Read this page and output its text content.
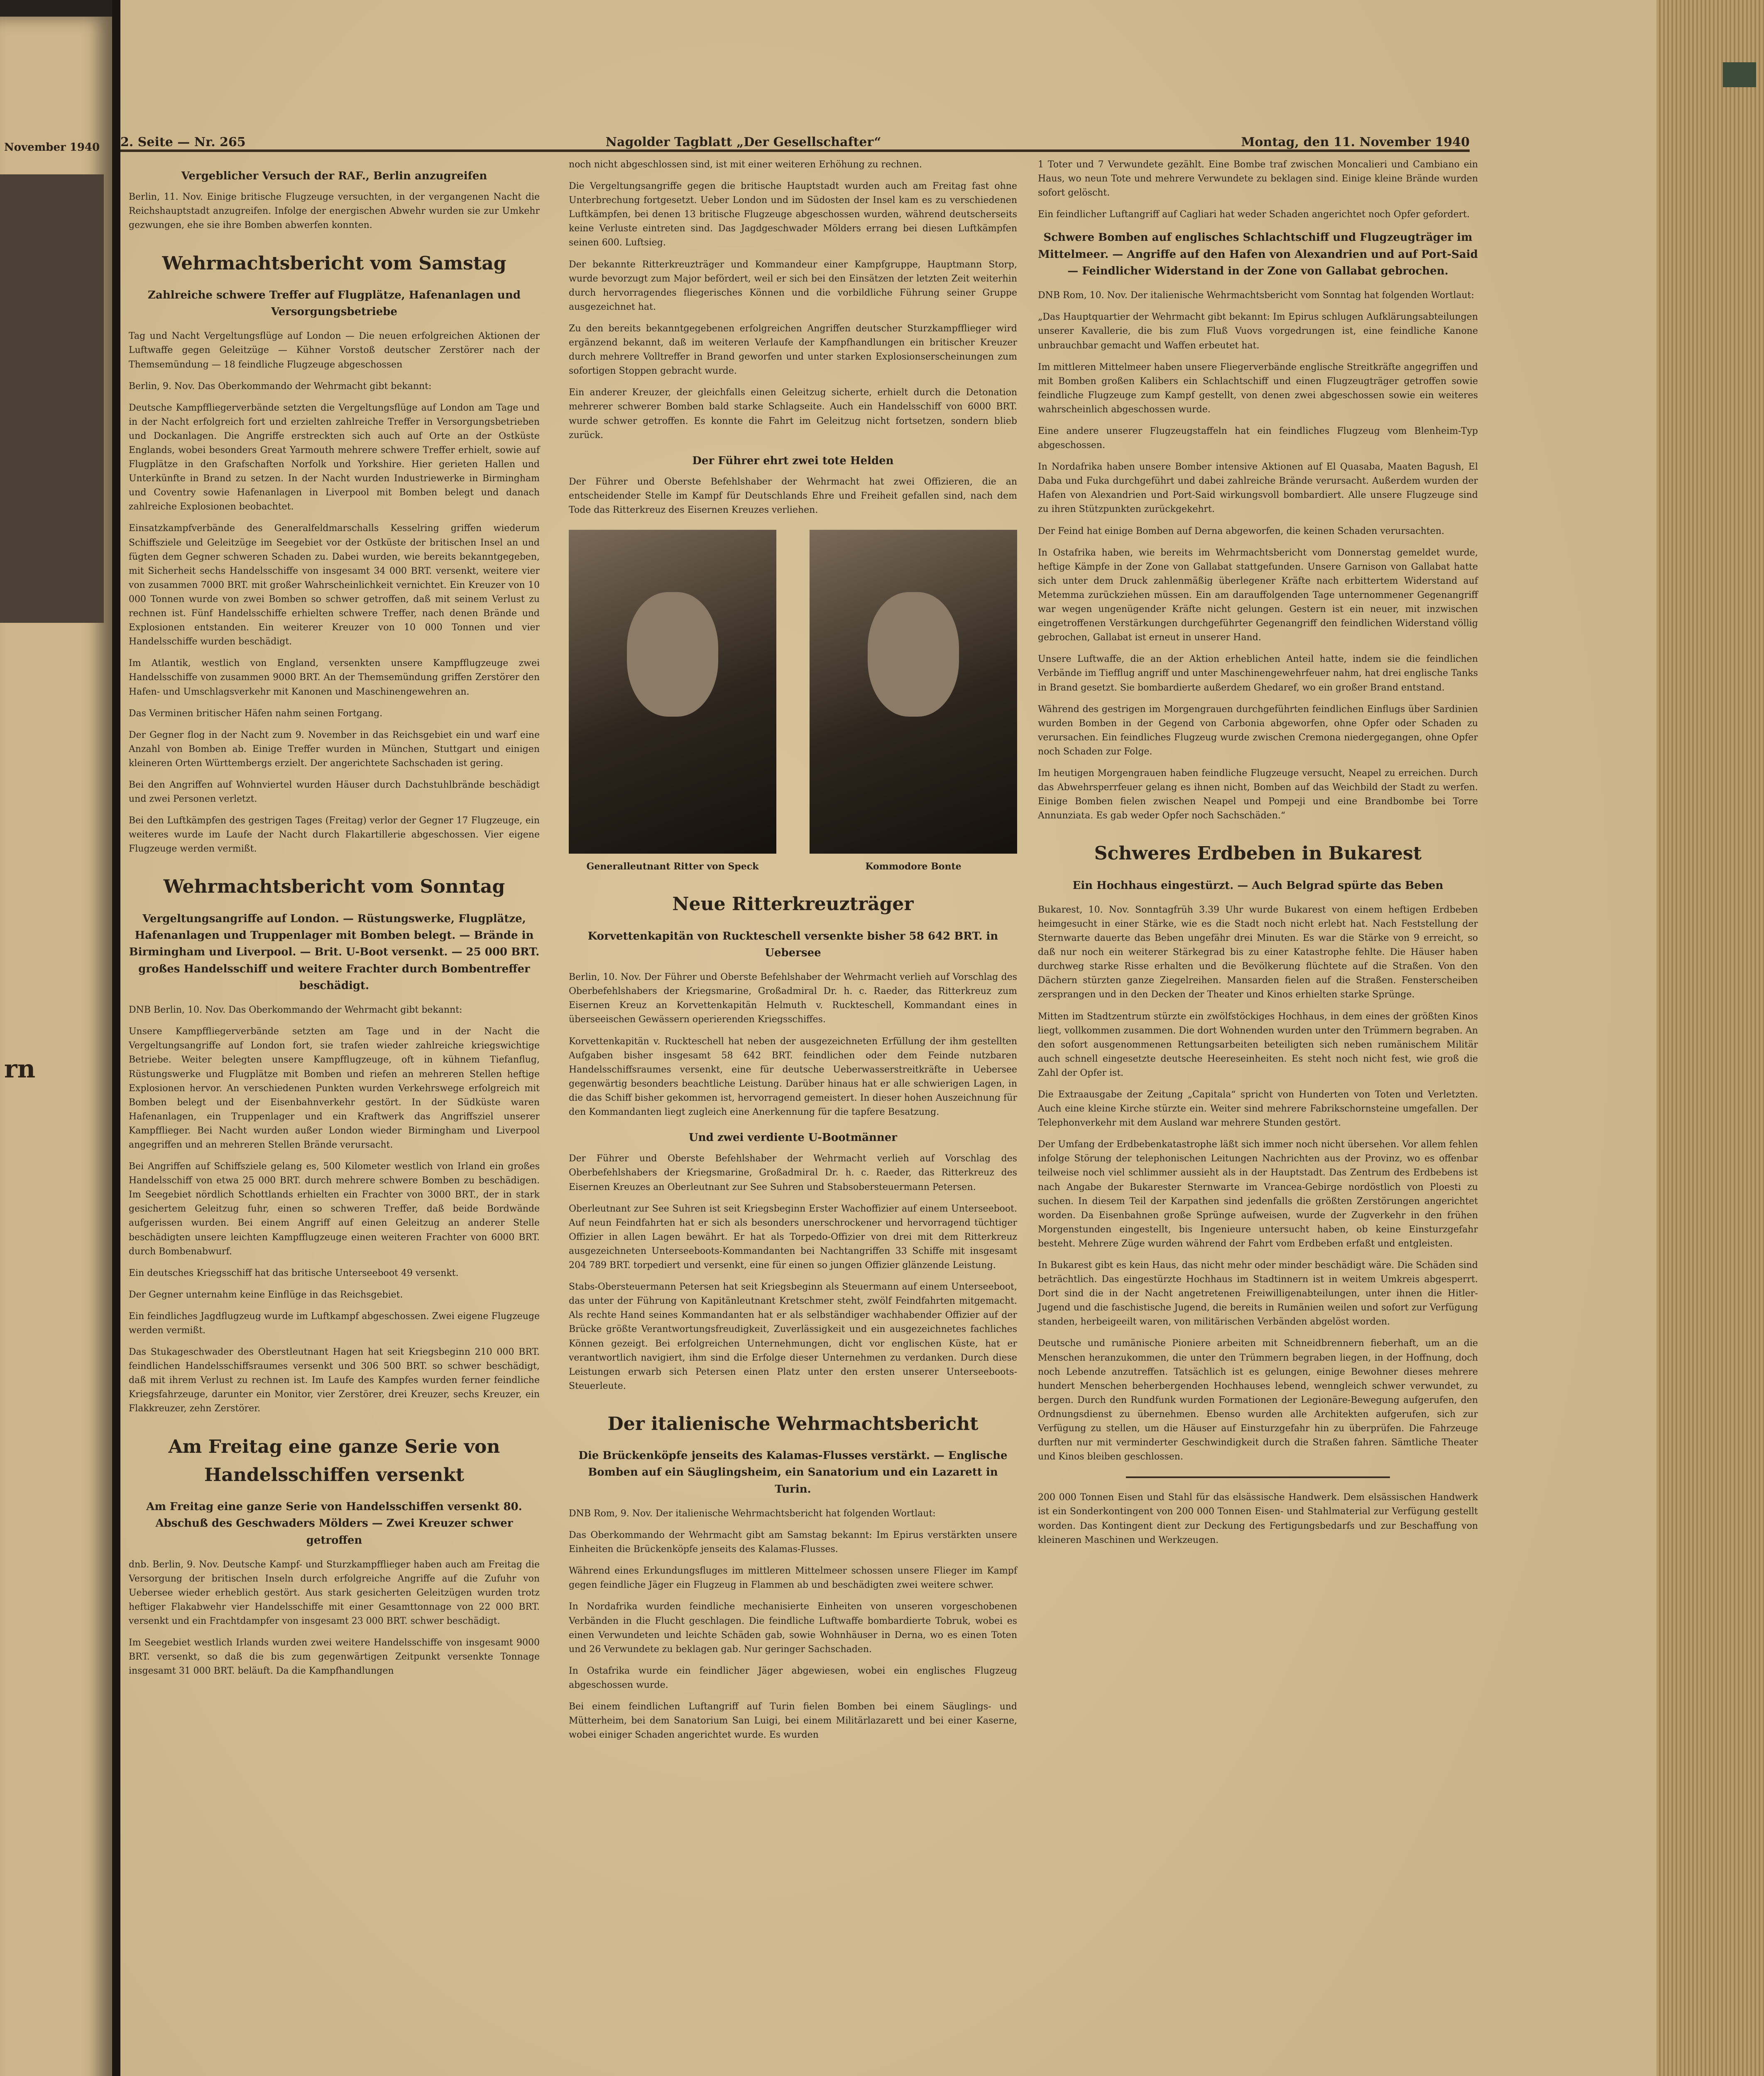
November 1940
rn
2. Seite — Nr. 265	Nagolder Tagblatt „Der Gesellschafter“	Montag, den 11. November 1940
Vergeblicher Versuch der RAF., Berlin anzugreifen

Berlin, 11. Nov. Einige britische Flugzeuge versuchten, in der vergangenen Nacht die Reichshauptstadt anzugreifen. Infolge der energischen Abwehr wurden sie zur Umkehr gezwungen, ehe sie ihre Bomben abwerfen konnten.

Wehrmachtsbericht vom Samstag
Zahlreiche schwere Treffer auf Flugplätze, Hafenanlagen und Versorgungsbetriebe

Tag und Nacht Vergeltungsflüge auf London — Die neuen erfolgreichen Aktionen der Luftwaffe gegen Geleitzüge — Kühner Vorstoß deutscher Zerstörer nach der Themsemündung — 18 feindliche Flugzeuge abgeschossen

Berlin, 9. Nov. Das Oberkommando der Wehrmacht gibt bekannt:

Deutsche Kampffliegerverbände setzten die Vergeltungsflüge auf London am Tage und in der Nacht erfolgreich fort und erzielten zahlreiche Treffer in Versorgungsbetrieben und Dockanlagen. Die Angriffe erstreckten sich auch auf Orte an der Ostküste Englands, wobei besonders Great Yarmouth mehrere schwere Treffer erhielt, sowie auf Flugplätze in den Grafschaften Norfolk und Yorkshire. Hier gerieten Hallen und Unterkünfte in Brand zu setzen. In der Nacht wurden Industriewerke in Birmingham und Coventry sowie Hafenanlagen in Liverpool mit Bomben belegt und danach zahlreiche Explosionen beobachtet.

Einsatzkampfverbände des Generalfeldmarschalls Kesselring griffen wiederum Schiffsziele und Geleitzüge im Seegebiet vor der Ostküste der britischen Insel an und fügten dem Gegner schweren Schaden zu. Dabei wurden, wie bereits bekanntgegeben, mit Sicherheit sechs Handelsschiffe von insgesamt 34 000 BRT. versenkt, weitere vier von zusammen 7000 BRT. mit großer Wahrscheinlichkeit vernichtet. Ein Kreuzer von 10 000 Tonnen wurde von zwei Bomben so schwer getroffen, daß mit seinem Verlust zu rechnen ist. Fünf Handelsschiffe erhielten schwere Treffer, nach denen Brände und Explosionen entstanden. Ein weiterer Kreuzer von 10 000 Tonnen und vier Handelsschiffe wurden beschädigt.

Im Atlantik, westlich von England, versenkten unsere Kampfflugzeuge zwei Handelsschiffe von zusammen 9000 BRT. An der Themsemündung griffen Zerstörer den Hafen- und Umschlagsverkehr mit Kanonen und Maschinengewehren an.

Das Verminen britischer Häfen nahm seinen Fortgang.

Der Gegner flog in der Nacht zum 9. November in das Reichsgebiet ein und warf eine Anzahl von Bomben ab. Einige Treffer wurden in München, Stuttgart und einigen kleineren Orten Württembergs erzielt. Der angerichtete Sachschaden ist gering.

Bei den Angriffen auf Wohnviertel wurden Häuser durch Dachstuhlbrände beschädigt und zwei Personen verletzt.

Bei den Luftkämpfen des gestrigen Tages (Freitag) verlor der Gegner 17 Flugzeuge, ein weiteres wurde im Laufe der Nacht durch Flakartillerie abgeschossen. Vier eigene Flugzeuge werden vermißt.

Wehrmachtsbericht vom Sonntag
Vergeltungsangriffe auf London. — Rüstungswerke, Flugplätze, Hafenanlagen und Truppenlager mit Bomben belegt. — Brände in Birmingham und Liverpool. — Brit. U-Boot versenkt. — 25 000 BRT. großes Handelsschiff und weitere Frachter durch Bombentreffer beschädigt.

DNB Berlin, 10. Nov. Das Oberkommando der Wehrmacht gibt bekannt:

Unsere Kampffliegerverbände setzten am Tage und in der Nacht die Vergeltungsangriffe auf London fort, sie trafen wieder zahlreiche kriegswichtige Betriebe. Weiter belegten unsere Kampfflugzeuge, oft in kühnem Tiefanflug, Rüstungswerke und Flugplätze mit Bomben und riefen an mehreren Stellen heftige Explosionen hervor. An verschiedenen Punkten wurden Verkehrswege erfolgreich mit Bomben belegt und der Eisenbahnverkehr gestört. In der Südküste waren Hafenanlagen, ein Truppenlager und ein Kraftwerk das Angriffsziel unserer Kampfflieger. Bei Nacht wurden außer London wieder Birmingham und Liverpool angegriffen und an mehreren Stellen Brände verursacht.

Bei Angriffen auf Schiffsziele gelang es, 500 Kilometer westlich von Irland ein großes Handelsschiff von etwa 25 000 BRT. durch mehrere schwere Bomben zu beschädigen. Im Seegebiet nördlich Schottlands erhielten ein Frachter von 3000 BRT., der in stark gesichertem Geleitzug fuhr, einen so schweren Treffer, daß beide Bordwände aufgerissen wurden. Bei einem Angriff auf einen Geleitzug an anderer Stelle beschädigten unsere leichten Kampfflugzeuge einen weiteren Frachter von 6000 BRT. durch Bombenabwurf.

Ein deutsches Kriegsschiff hat das britische Unterseeboot 49 versenkt.

Der Gegner unternahm keine Einflüge in das Reichsgebiet.

Ein feindliches Jagdflugzeug wurde im Luftkampf abgeschossen. Zwei eigene Flugzeuge werden vermißt.

Das Stukageschwader des Oberstleutnant Hagen hat seit Kriegsbeginn 210 000 BRT. feindlichen Handelsschiffsraumes versenkt und 306 500 BRT. so schwer beschädigt, daß mit ihrem Verlust zu rechnen ist. Im Laufe des Kampfes wurden ferner feindliche Kriegsfahrzeuge, darunter ein Monitor, vier Zerstörer, drei Kreuzer, sechs Kreuzer, ein Flakkreuzer, zehn Zerstörer.

Am Freitag eine ganze Serie von Handelsschiffen versenkt
Am Freitag eine ganze Serie von Handelsschiffen versenkt 80. Abschuß des Geschwaders Mölders — Zwei Kreuzer schwer getroffen

dnb. Berlin, 9. Nov. Deutsche Kampf- und Sturzkampfflieger haben auch am Freitag die Versorgung der britischen Inseln durch erfolgreiche Angriffe auf die Zufuhr von Uebersee wieder erheblich gestört. Aus stark gesicherten Geleitzügen wurden trotz heftiger Flakabwehr vier Handelsschiffe mit einer Gesamttonnage von 22 000 BRT. versenkt und ein Frachtdampfer von insgesamt 23 000 BRT. schwer beschädigt.

Im Seegebiet westlich Irlands wurden zwei weitere Handelsschiffe von insgesamt 9000 BRT. versenkt, so daß die bis zum gegenwärtigen Zeitpunkt versenkte Tonnage insgesamt 31 000 BRT. beläuft. Da die Kampfhandlungen

noch nicht abgeschlossen sind, ist mit einer weiteren Erhöhung zu rechnen.

Die Vergeltungsangriffe gegen die britische Hauptstadt wurden auch am Freitag fast ohne Unterbrechung fortgesetzt. Ueber London und im Südosten der Insel kam es zu verschiedenen Luftkämpfen, bei denen 13 britische Flugzeuge abgeschossen wurden, während deutscherseits keine Verluste eintreten sind. Das Jagdgeschwader Mölders errang bei diesen Luftkämpfen seinen 600. Luftsieg.

Der bekannte Ritterkreuzträger und Kommandeur einer Kampfgruppe, Hauptmann Storp, wurde bevorzugt zum Major befördert, weil er sich bei den Einsätzen der letzten Zeit weiterhin durch hervorragendes fliegerisches Können und die vorbildliche Führung seiner Gruppe ausgezeichnet hat.

Zu den bereits bekanntgegebenen erfolgreichen Angriffen deutscher Sturzkampfflieger wird ergänzend bekannt, daß im weiteren Verlaufe der Kampfhandlungen ein britischer Kreuzer durch mehrere Volltreffer in Brand geworfen und unter starken Explosionserscheinungen zum sofortigen Stoppen gebracht wurde.

Ein anderer Kreuzer, der gleichfalls einen Geleitzug sicherte, erhielt durch die Detonation mehrerer schwerer Bomben bald starke Schlagseite. Auch ein Handelsschiff von 6000 BRT. wurde schwer getroffen. Es konnte die Fahrt im Geleitzug nicht fortsetzen, sondern blieb zurück.

Der Führer ehrt zwei tote Helden

Der Führer und Oberste Befehlshaber der Wehrmacht hat zwei Offizieren, die an entscheidender Stelle im Kampf für Deutschlands Ehre und Freiheit gefallen sind, nach dem Tode das Ritterkreuz des Eisernen Kreuzes verliehen.

Generalleutnant Ritter von Speck	Kommodore Bonte
Neue Ritterkreuzträger
Korvettenkapitän von Ruckteschell versenkte bisher 58 642 BRT. in Uebersee

Berlin, 10. Nov. Der Führer und Oberste Befehlshaber der Wehrmacht verlieh auf Vorschlag des Oberbefehlshabers der Kriegsmarine, Großadmiral Dr. h. c. Raeder, das Ritterkreuz zum Eisernen Kreuz an Korvettenkapitän Helmuth v. Ruckteschell, Kommandant eines in überseeischen Gewässern operierenden Kriegsschiffes.

Korvettenkapitän v. Ruckteschell hat neben der ausgezeichneten Erfüllung der ihm gestellten Aufgaben bisher insgesamt 58 642 BRT. feindlichen oder dem Feinde nutzbaren Handelsschiffsraumes versenkt, eine für deutsche Ueberwasserstreitkräfte in Uebersee gegenwärtig besonders beachtliche Leistung. Darüber hinaus hat er alle schwierigen Lagen, in die das Schiff bisher gekommen ist, hervorragend gemeistert. In dieser hohen Auszeichnung für den Kommandanten liegt zugleich eine Anerkennung für die tapfere Besatzung.

Und zwei verdiente U-Bootmänner

Der Führer und Oberste Befehlshaber der Wehrmacht verlieh auf Vorschlag des Oberbefehlshabers der Kriegsmarine, Großadmiral Dr. h. c. Raeder, das Ritterkreuz des Eisernen Kreuzes an Oberleutnant zur See Suhren und Stabsobersteuermann Petersen.

Oberleutnant zur See Suhren ist seit Kriegsbeginn Erster Wachoffizier auf einem Unterseeboot. Auf neun Feindfahrten hat er sich als besonders unerschrockener und hervorragend tüchtiger Offizier in allen Lagen bewährt. Er hat als Torpedo-Offizier von drei mit dem Ritterkreuz ausgezeichneten Unterseeboots-Kommandanten bei Nachtangriffen 33 Schiffe mit insgesamt 204 789 BRT. torpediert und versenkt, eine für einen so jungen Offizier glänzende Leistung.

Stabs-Obersteuermann Petersen hat seit Kriegsbeginn als Steuermann auf einem Unterseeboot, das unter der Führung von Kapitänleutnant Kretschmer steht, zwölf Feindfahrten mitgemacht. Als rechte Hand seines Kommandanten hat er als selbständiger wachhabender Offizier auf der Brücke größte Verantwortungsfreudigkeit, Zuverlässigkeit und ein ausgezeichnetes fachliches Können gezeigt. Bei erfolgreichen Unternehmungen, dicht vor englischen Küste, hat er verantwortlich navigiert, ihm sind die Erfolge dieser Unternehmen zu verdanken. Durch diese Leistungen erwarb sich Petersen einen Platz unter den ersten unserer Unterseeboots-Steuerleute.

Der italienische Wehrmachtsbericht
Die Brückenköpfe jenseits des Kalamas-Flusses verstärkt. — Englische Bomben auf ein Säuglingsheim, ein Sanatorium und ein Lazarett in Turin.

DNB Rom, 9. Nov. Der italienische Wehrmachtsbericht hat folgenden Wortlaut:

Das Oberkommando der Wehrmacht gibt am Samstag bekannt: Im Epirus verstärkten unsere Einheiten die Brückenköpfe jenseits des Kalamas-Flusses.

Während eines Erkundungsfluges im mittleren Mittelmeer schossen unsere Flieger im Kampf gegen feindliche Jäger ein Flugzeug in Flammen ab und beschädigten zwei weitere schwer.

In Nordafrika wurden feindliche mechanisierte Einheiten von unseren vorgeschobenen Verbänden in die Flucht geschlagen. Die feindliche Luftwaffe bombardierte Tobruk, wobei es einen Verwundeten und leichte Schäden gab, sowie Wohnhäuser in Derna, wo es einen Toten und 26 Verwundete zu beklagen gab. Nur geringer Sachschaden.

In Ostafrika wurde ein feindlicher Jäger abgewiesen, wobei ein englisches Flugzeug abgeschossen wurde.

Bei einem feindlichen Luftangriff auf Turin fielen Bomben bei einem Säuglings- und Mütterheim, bei dem Sanatorium San Luigi, bei einem Militärlazarett und bei einer Kaserne, wobei einiger Schaden angerichtet wurde. Es wurden

1 Toter und 7 Verwundete gezählt. Eine Bombe traf zwischen Moncalieri und Cambiano ein Haus, wo neun Tote und mehrere Verwundete zu beklagen sind. Einige kleine Brände wurden sofort gelöscht.

Ein feindlicher Luftangriff auf Cagliari hat weder Schaden angerichtet noch Opfer gefordert.

Schwere Bomben auf englisches Schlachtschiff und Flugzeugträger im Mittelmeer. — Angriffe auf den Hafen von Alexandrien und auf Port-Said — Feindlicher Widerstand in der Zone von Gallabat gebrochen.

DNB Rom, 10. Nov. Der italienische Wehrmachtsbericht vom Sonntag hat folgenden Wortlaut:

„Das Hauptquartier der Wehrmacht gibt bekannt: Im Epirus schlugen Aufklärungsabteilungen unserer Kavallerie, die bis zum Fluß Vuovs vorgedrungen ist, eine feindliche Kanone unbrauchbar gemacht und Waffen erbeutet hat.

Im mittleren Mittelmeer haben unsere Fliegerverbände englische Streitkräfte angegriffen und mit Bomben großen Kalibers ein Schlachtschiff und einen Flugzeugträger getroffen sowie feindliche Flugzeuge zum Kampf gestellt, von denen zwei abgeschossen sowie ein weiteres wahrscheinlich abgeschossen wurde.

Eine andere unserer Flugzeugstaffeln hat ein feindliches Flugzeug vom Blenheim-Typ abgeschossen.

In Nordafrika haben unsere Bomber intensive Aktionen auf El Quasaba, Maaten Bagush, El Daba und Fuka durchgeführt und dabei zahlreiche Brände verursacht. Außerdem wurden der Hafen von Alexandrien und Port-Said wirkungsvoll bombardiert. Alle unsere Flugzeuge sind zu ihren Stützpunkten zurückgekehrt.

Der Feind hat einige Bomben auf Derna abgeworfen, die keinen Schaden verursachten.

In Ostafrika haben, wie bereits im Wehrmachtsbericht vom Donnerstag gemeldet wurde, heftige Kämpfe in der Zone von Gallabat stattgefunden. Unsere Garnison von Gallabat hatte sich unter dem Druck zahlenmäßig überlegener Kräfte nach erbittertem Widerstand auf Metemma zurückziehen müssen. Ein am darauffolgenden Tage unternommener Gegenangriff war wegen ungenügender Kräfte nicht gelungen. Gestern ist ein neuer, mit inzwischen eingetroffenen Verstärkungen durchgeführter Gegenangriff den feindlichen Widerstand völlig gebrochen, Gallabat ist erneut in unserer Hand.

Unsere Luftwaffe, die an der Aktion erheblichen Anteil hatte, indem sie die feindlichen Verbände im Tiefflug angriff und unter Maschinengewehrfeuer nahm, hat drei englische Tanks in Brand gesetzt. Sie bombardierte außerdem Ghedaref, wo ein großer Brand entstand.

Während des gestrigen im Morgengrauen durchgeführten feindlichen Einflugs über Sardinien wurden Bomben in der Gegend von Carbonia abgeworfen, ohne Opfer oder Schaden zu verursachen. Ein feindliches Flugzeug wurde zwischen Cremona niedergegangen, ohne Opfer noch Schaden zur Folge.

Im heutigen Morgengrauen haben feindliche Flugzeuge versucht, Neapel zu erreichen. Durch das Abwehrsperrfeuer gelang es ihnen nicht, Bomben auf das Weichbild der Stadt zu werfen. Einige Bomben fielen zwischen Neapel und Pompeji und eine Brandbombe bei Torre Annunziata. Es gab weder Opfer noch Sachschäden.“

Schweres Erdbeben in Bukarest
Ein Hochhaus eingestürzt. — Auch Belgrad spürte das Beben

Bukarest, 10. Nov. Sonntagfrüh 3.39 Uhr wurde Bukarest von einem heftigen Erdbeben heimgesucht in einer Stärke, wie es die Stadt noch nicht erlebt hat. Nach Feststellung der Sternwarte dauerte das Beben ungefähr drei Minuten. Es war die Stärke von 9 erreicht, so daß nur noch ein weiterer Stärkegrad bis zu einer Katastrophe fehlte. Die Häuser haben durchweg starke Risse erhalten und die Bevölkerung flüchtete auf die Straßen. Von den Dächern stürzten ganze Ziegelreihen. Mansarden fielen auf die Straßen. Fensterscheiben zersprangen und in den Decken der Theater und Kinos erhielten starke Sprünge.

Mitten im Stadtzentrum stürzte ein zwölfstöckiges Hochhaus, in dem eines der größten Kinos liegt, vollkommen zusammen. Die dort Wohnenden wurden unter den Trümmern begraben. An den sofort ausgenommenen Rettungsarbeiten beteiligten sich neben rumänischem Militär auch schnell eingesetzte deutsche Heereseinheiten. Es steht noch nicht fest, wie groß die Zahl der Opfer ist.

Die Extraausgabe der Zeitung „Capitala“ spricht von Hunderten von Toten und Verletzten. Auch eine kleine Kirche stürzte ein. Weiter sind mehrere Fabrikschornsteine umgefallen. Der Telephonverkehr mit dem Ausland war mehrere Stunden gestört.

Der Umfang der Erdbebenkatastrophe läßt sich immer noch nicht übersehen. Vor allem fehlen infolge Störung der telephonischen Leitungen Nachrichten aus der Provinz, wo es offenbar teilweise noch viel schlimmer aussieht als in der Hauptstadt. Das Zentrum des Erdbebens ist nach Angabe der Bukarester Sternwarte im Vrancea-Gebirge nordöstlich von Ploesti zu suchen. In diesem Teil der Karpathen sind jedenfalls die größten Zerstörungen angerichtet worden. Da Eisenbahnen große Sprünge aufweisen, wurde der Zugverkehr in den frühen Morgenstunden eingestellt, bis Ingenieure untersucht haben, ob keine Einsturzgefahr besteht. Mehrere Züge wurden während der Fahrt vom Erdbeben erfaßt und entgleisten.

In Bukarest gibt es kein Haus, das nicht mehr oder minder beschädigt wäre. Die Schäden sind beträchtlich. Das eingestürzte Hochhaus im Stadtinnern ist in weitem Umkreis abgesperrt. Dort sind die in der Nacht angetretenen Freiwilligenabteilungen, unter ihnen die Hitler-Jugend und die faschistische Jugend, die bereits in Rumänien weilen und sofort zur Verfügung standen, herbeigeeilt waren, von militärischen Verbänden abgelöst worden.

Deutsche und rumänische Pioniere arbeiten mit Schneidbrennern fieberhaft, um an die Menschen heranzukommen, die unter den Trümmern begraben liegen, in der Hoffnung, doch noch Lebende anzutreffen. Tatsächlich ist es gelungen, einige Bewohner dieses mehrere hundert Menschen beherbergenden Hochhauses lebend, wenngleich schwer verwundet, zu bergen. Durch den Rundfunk wurden Formationen der Legionäre-Bewegung aufgerufen, den Ordnungsdienst zu übernehmen. Ebenso wurden alle Architekten aufgerufen, sich zur Verfügung zu stellen, um die Häuser auf Einsturzgefahr hin zu überprüfen. Die Fahrzeuge durften nur mit verminderter Geschwindigkeit durch die Straßen fahren. Sämtliche Theater und Kinos bleiben geschlossen.

200 000 Tonnen Eisen und Stahl für das elsässische Handwerk. Dem elsässischen Handwerk ist ein Sonderkontingent von 200 000 Tonnen Eisen- und Stahlmaterial zur Verfügung gestellt worden. Das Kontingent dient zur Deckung des Fertigungsbedarfs und zur Beschaffung von kleineren Maschinen und Werkzeugen.
